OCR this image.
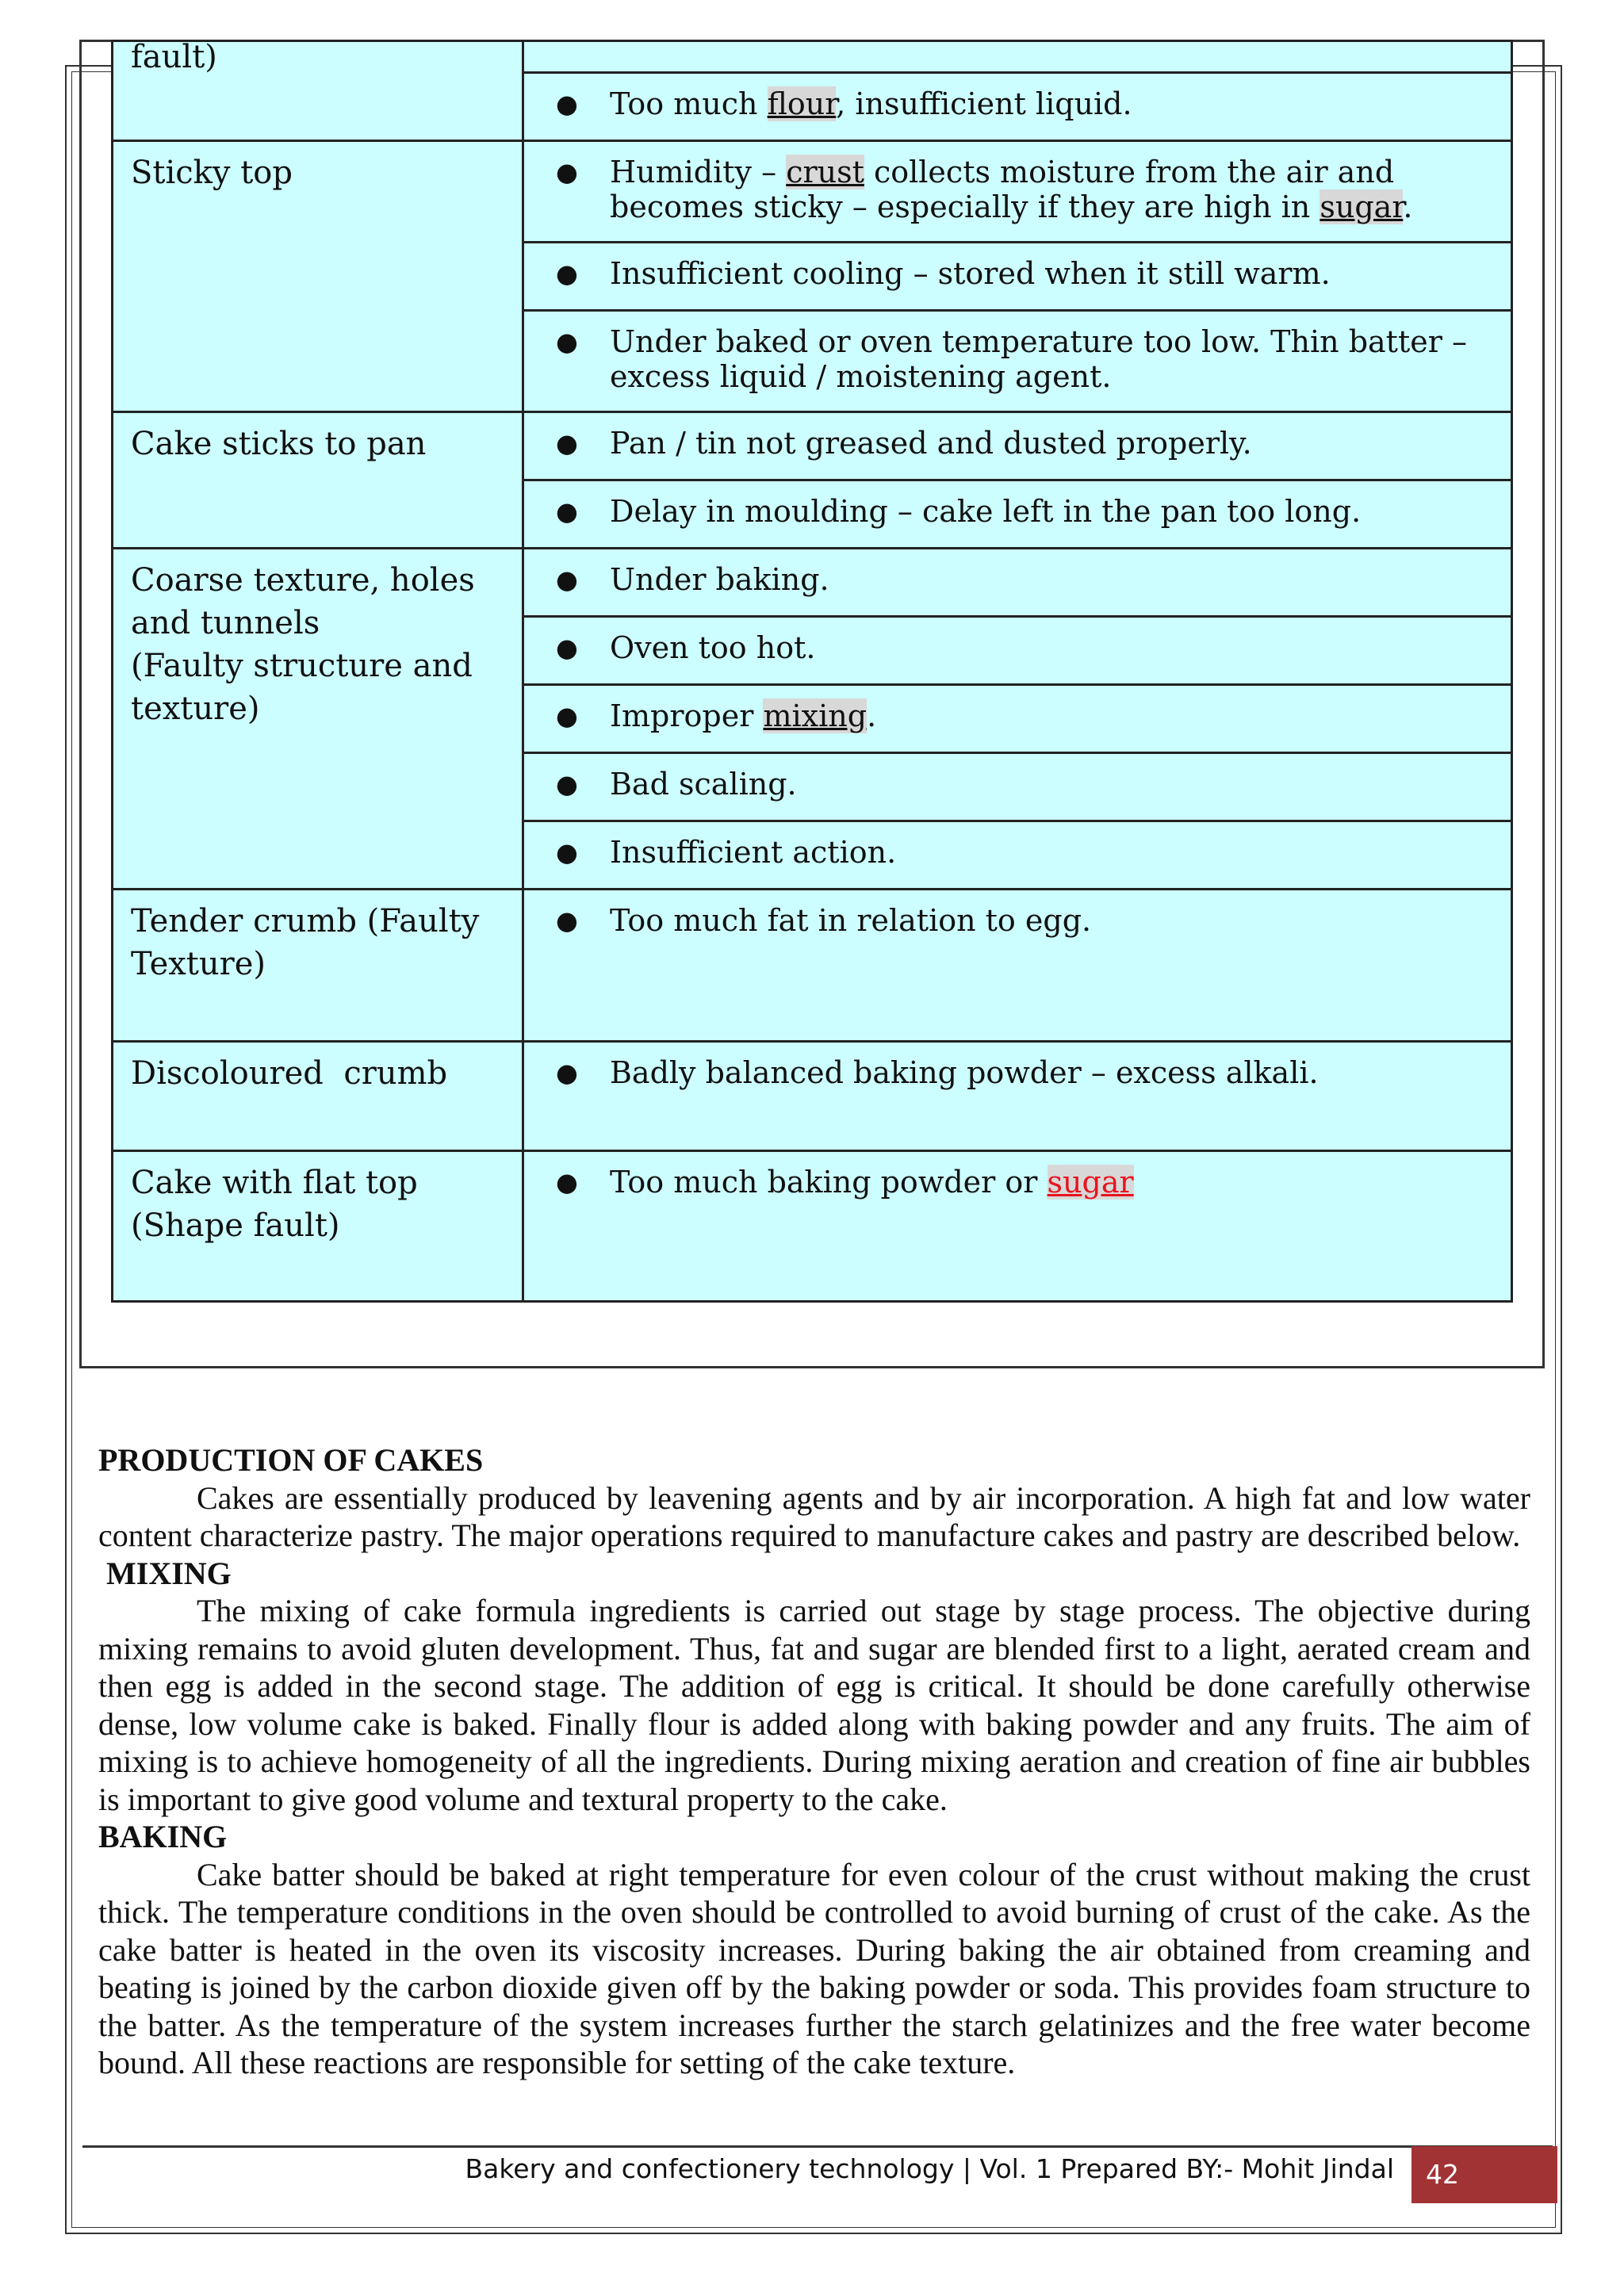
fault)	

	● Too much flour, insufficient liquid.

Sticky top	● Humidity – crust collects moisture from the air and becomes sticky – especially if they are high in sugar.

	● Insufficient cooling – stored when it still warm.

	● Under baked or oven temperature too low. Thin batter – excess liquid / moistening agent.

Cake sticks to pan	● Pan / tin not greased and dusted properly.

	● Delay in moulding – cake left in the pan too long.

Coarse texture, holes and tunnels
(Faulty structure and texture)	● Under baking.

	● Oven too hot.

	● Improper mixing.

	● Bad scaling.

	● Insufficient action.

Tender crumb (Faulty Texture)	● Too much fat in relation to egg.

Discoloured  crumb	● Badly balanced baking powder – excess alkali.

Cake with flat top (Shape fault)	● Too much baking powder or sugar
PRODUCTION OF CAKES

Cakes are essentially produced by leavening agents and by air incorporation. A high fat and low water content characterize pastry. The major operations required to manufacture cakes and pastry are described below.

MIXING

The mixing of cake formula ingredients is carried out stage by stage process. The objective during mixing remains to avoid gluten development. Thus, fat and sugar are blended first to a light, aerated cream and then egg is added in the second stage. The addition of egg is critical. It should be done carefully otherwise dense, low volume cake is baked. Finally flour is added along with baking powder and any fruits. The aim of mixing is to achieve homogeneity of all the ingredients. During mixing aeration and creation of fine air bubbles is important to give good volume and textural property to the cake.

BAKING

Cake batter should be baked at right temperature for even colour of the crust without making the crust thick. The temperature conditions in the oven should be controlled to avoid burning of crust of the cake. As the cake batter is heated in the oven its viscosity increases. During baking the air obtained from creaming and beating is joined by the carbon dioxide given off by the baking powder or soda. This provides foam structure to the batter. As the temperature of the system increases further the starch gelatinizes and the free water become bound. All these reactions are responsible for setting of the cake texture.

Bakery and confectionery technology | Vol. 1 Prepared BY:- Mohit Jindal	42
